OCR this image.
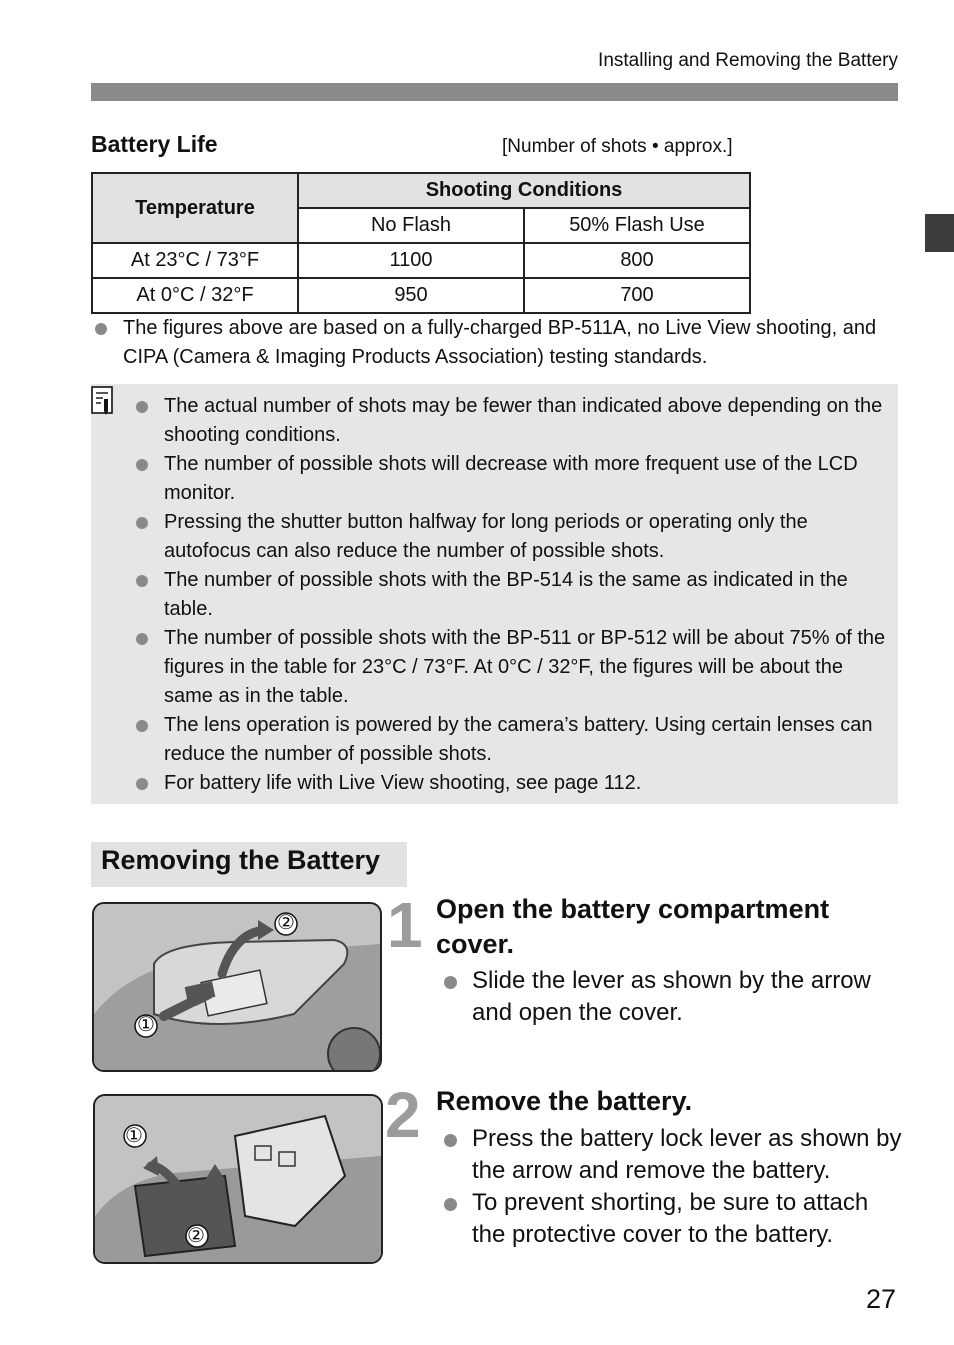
Installing and Removing the Battery
Battery Life	[Number of shots • approx.]
Temperature	Shooting Conditions	
	No Flash	50% Flash Use
At 23°C / 73°F	1100	800
At 0°C / 32°F	950	700
The figures above are based on a fully-charged BP-511A, no Live View shooting, and CIPA (Camera & Imaging Products Association) testing standards.
The actual number of shots may be fewer than indicated above depending on the shooting conditions.
The number of possible shots will decrease with more frequent use of the LCD monitor.
Pressing the shutter button halfway for long periods or operating only the autofocus can also reduce the number of possible shots.
The number of possible shots with the BP-514 is the same as indicated in the table.
The number of possible shots with the BP-511 or BP-512 will be about 75% of the figures in the table for 23°C / 73°F. At 0°C / 32°F, the figures will be about the same as in the table.
The lens operation is powered by the camera’s battery. Using certain lenses can reduce the number of possible shots.
For battery life with Live View shooting, see page 112.
Removing the Battery
①
②
①
②
1 Open the battery compartment cover.
Slide the lever as shown by the arrow and open the cover.
2 Remove the battery.
Press the battery lock lever as shown by the arrow and remove the battery.
To prevent shorting, be sure to attach the protective cover to the battery.
27
